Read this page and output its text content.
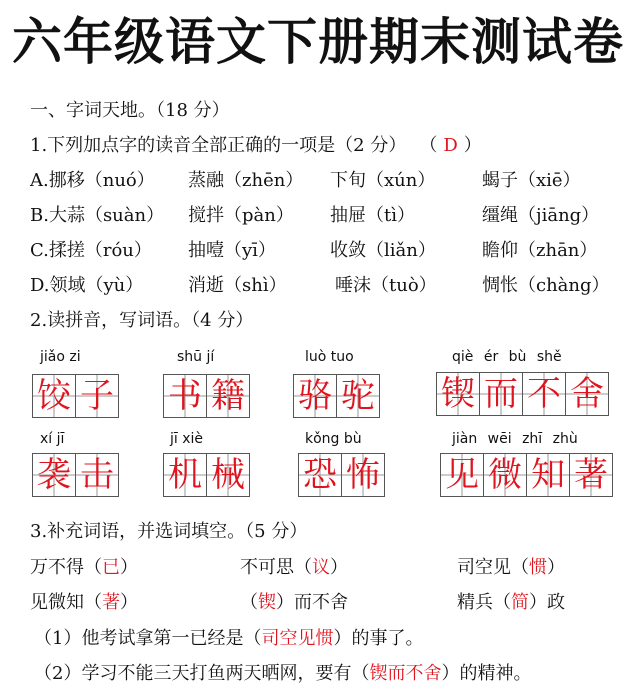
六年级语文下册期末测试卷
一、字词天地。（18 分）
1.下列加点字的读音全部正确的一项是（2 分） （ D ）
A.挪移（nuó） 蒸融（zhēn） 下旬（xún）	蝎子（xiē）
B.大蒜（suàn） 搅拌（pàn） 抽屉（tì）	缰绳（jiāng）
C.揉搓（róu） 抽噎（yī）	收敛（liǎn）	瞻仰（zhān）
D.领域（yù） 消逝（shì）	唾沫（tuò）	惆怅（chàng）
2.读拼音，写词语。（4 分）
jiǎo zi
饺 子
shū jí
书 籍
luò tuo
骆 驼
qiè ér bù shě
锲 而 不 舍
xí jī
袭 击
jī xiè
机 械
kǒng bù
恐 怖
jiàn wēi zhī zhù
见 微 知 著
3.补充词语，并选词填空。（5 分）
万不得（已）	不可思（议）	司空见（惯）
见微知（著）	（锲）而不舍	精兵（简）政
（1）他考试拿第一已经是（司空见惯）的事了。
（2）学习不能三天打鱼两天晒网，要有（锲而不舍）的精神。
